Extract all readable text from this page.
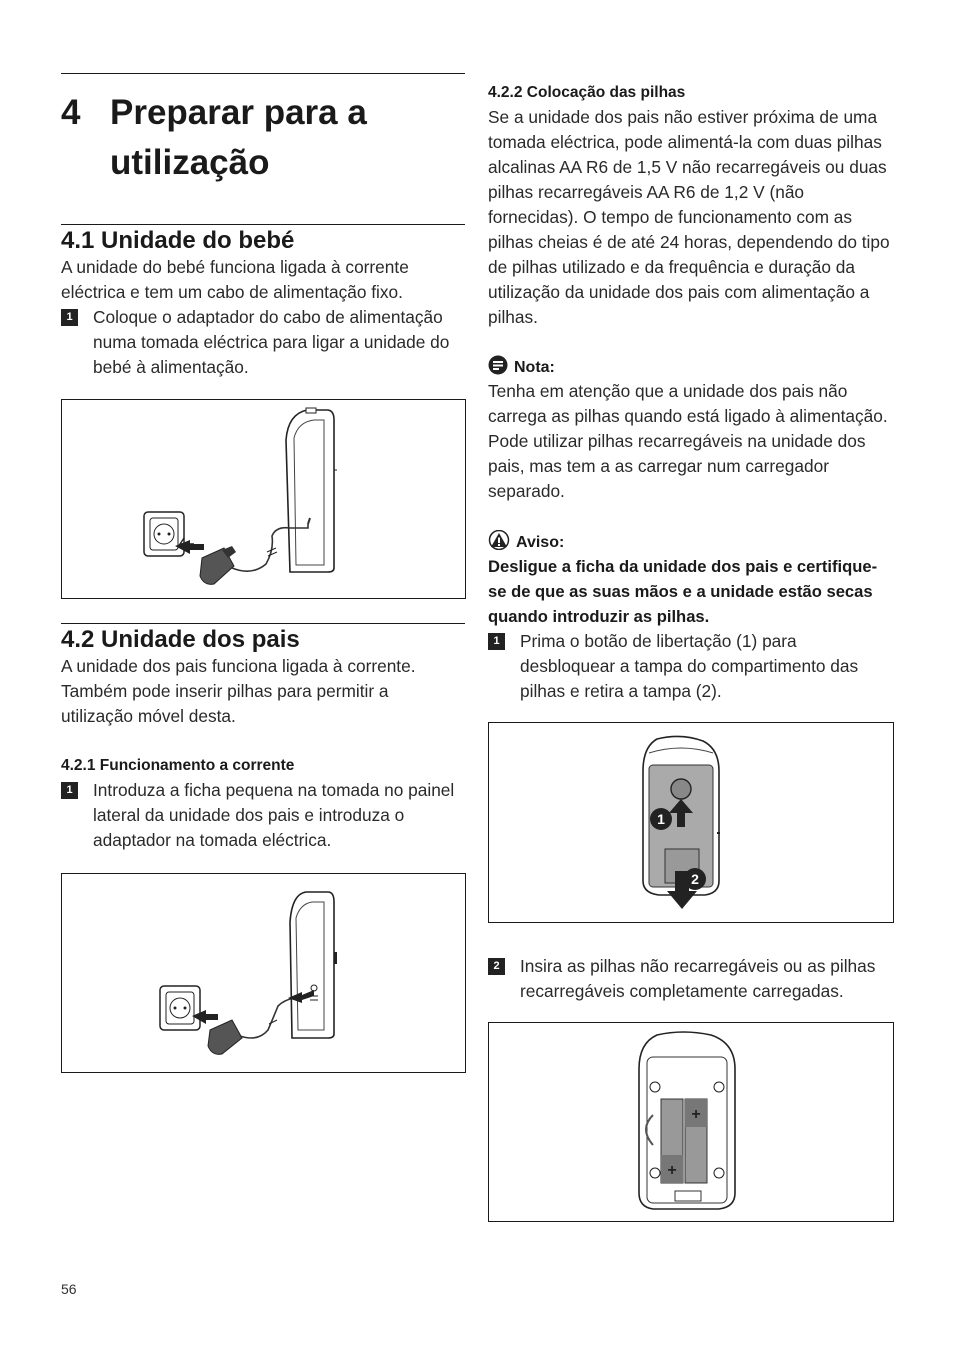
4 Preparar para a utilização
4.1 Unidade do bebé
A unidade do bebé funciona ligada à corrente eléctrica e tem um cabo de alimentação fixo.
1	Coloque o adaptador do cabo de alimentação numa tomada eléctrica para ligar a unidade do bebé à alimentação.
4.2 Unidade dos pais
A unidade dos pais funciona ligada à corrente. Também pode inserir pilhas para permitir a utilização móvel desta.
4.2.1 Funcionamento a corrente
1	Introduza a ficha pequena na tomada no painel lateral da unidade dos pais e introduza o adaptador na tomada eléctrica.
4.2.2 Colocação das pilhas
Se a unidade dos pais não estiver próxima de uma tomada eléctrica, pode alimentá-la com duas pilhas alcalinas AA R6 de 1,5 V não recarregáveis ou duas pilhas recarregáveis AA R6 de 1,2 V (não fornecidas). O tempo de funcionamento com as pilhas cheias é de até 24 horas, dependendo do tipo de pilhas utilizado e da frequência e duração da utilização da unidade dos pais com alimentação a pilhas.
Nota:
Tenha em atenção que a unidade dos pais não carrega as pilhas quando está ligado à alimentação. Pode utilizar pilhas recarregáveis na unidade dos pais, mas tem a as carregar num carregador separado.
Aviso:
Desligue a ficha da unidade dos pais e certifique-se de que as suas mãos e a unidade estão secas quando introduzir as pilhas.
1	Prima o botão de libertação (1) para desbloquear a tampa do compartimento das pilhas e retira a tampa (2).
1
2
2	Insira as pilhas não recarregáveis ou as pilhas recarregáveis completamente carregadas.
+
+
56
